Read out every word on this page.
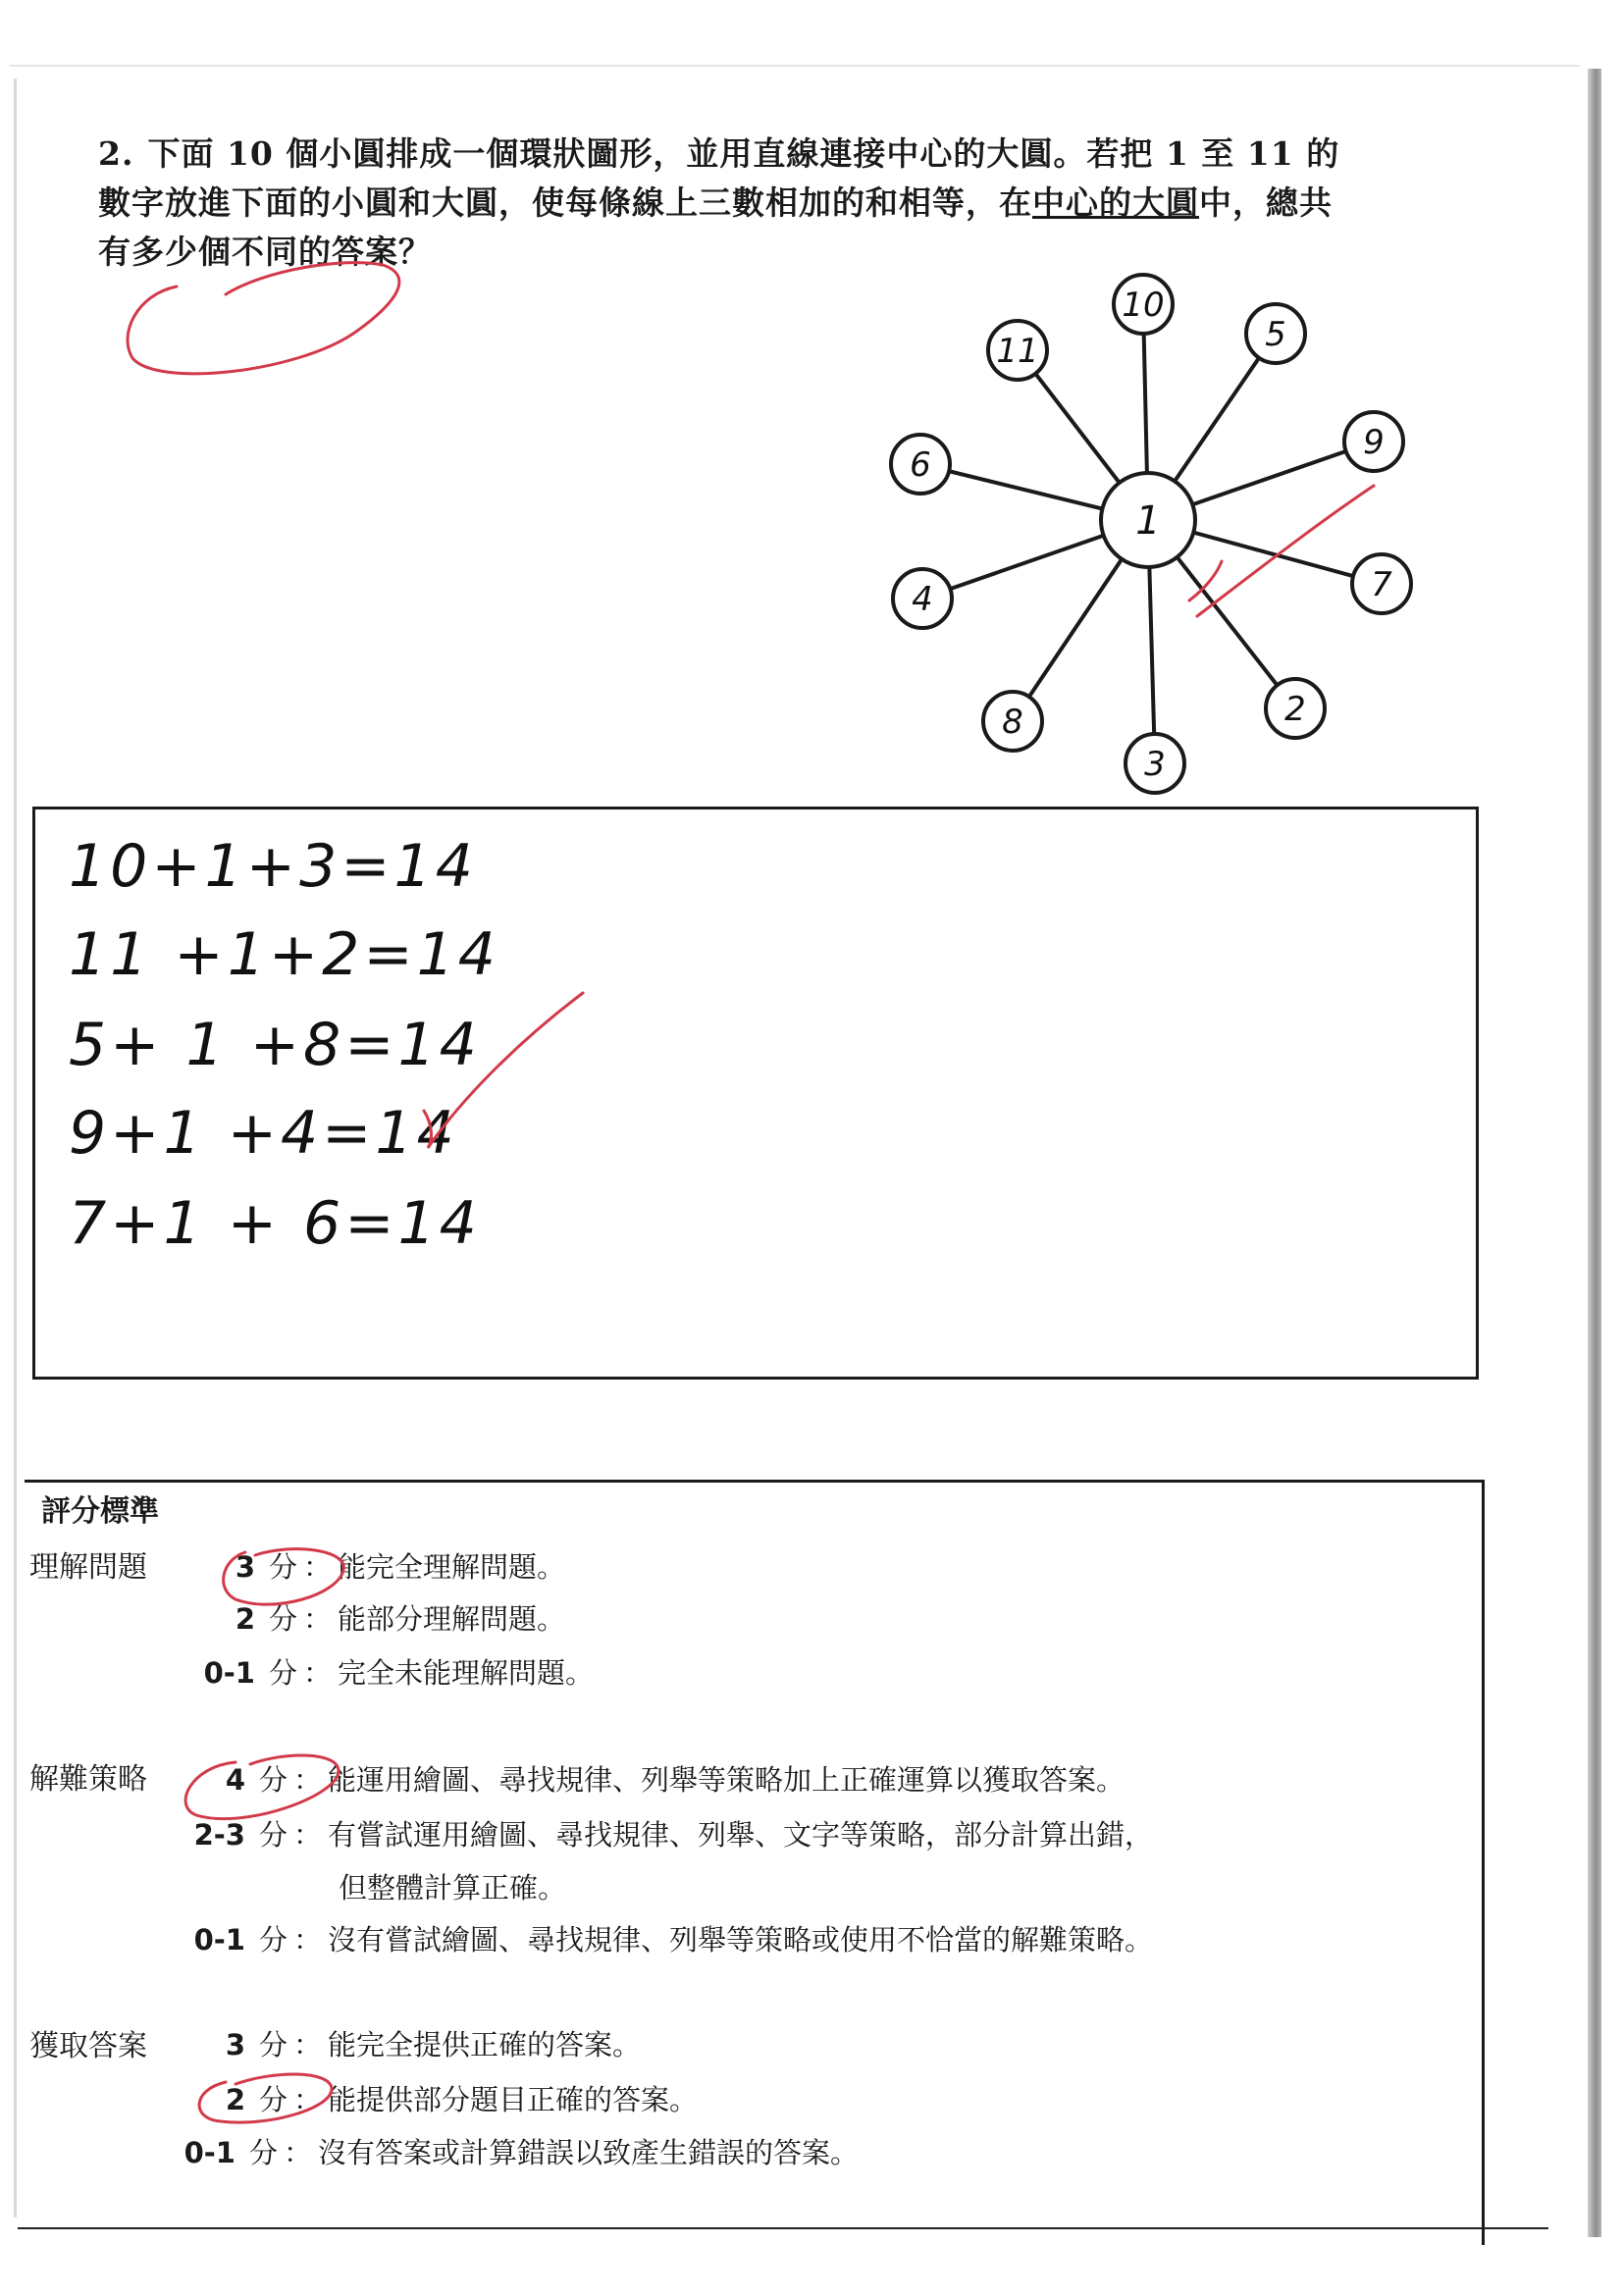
2. 下面 10 個小圓排成一個環狀圖形，並用直線連接中心的大圓。若把 1 至 11 的
數字放進下面的小圓和大圓，使每條線上三數相加的和相等，在中心的大圓中，總共
有多少個不同的答案？
10
5
9
7
2
3
8
4
6
11
1
10+1+3=14
11 +1+2=14
5+ 1 +8=14
9+1 +4=14
7+1 + 6=14
評分標準
理解問題	3 分 ： 能完全理解問題。
2 分 ： 能部分理解問題。
0-1 分 ： 完全未能理解問題。
解難策略	4 分 ： 能運用繪圖、尋找規律、列舉等策略加上正確運算以獲取答案。
2-3 分 ： 有嘗試運用繪圖、尋找規律、列舉、文字等策略，部分計算出錯，
但整體計算正確。
0-1 分 ： 沒有嘗試繪圖、尋找規律、列舉等策略或使用不恰當的解難策略。
獲取答案	3 分 ： 能完全提供正確的答案。
2 分 ： 能提供部分題目正確的答案。
0-1 分 ： 沒有答案或計算錯誤以致產生錯誤的答案。
